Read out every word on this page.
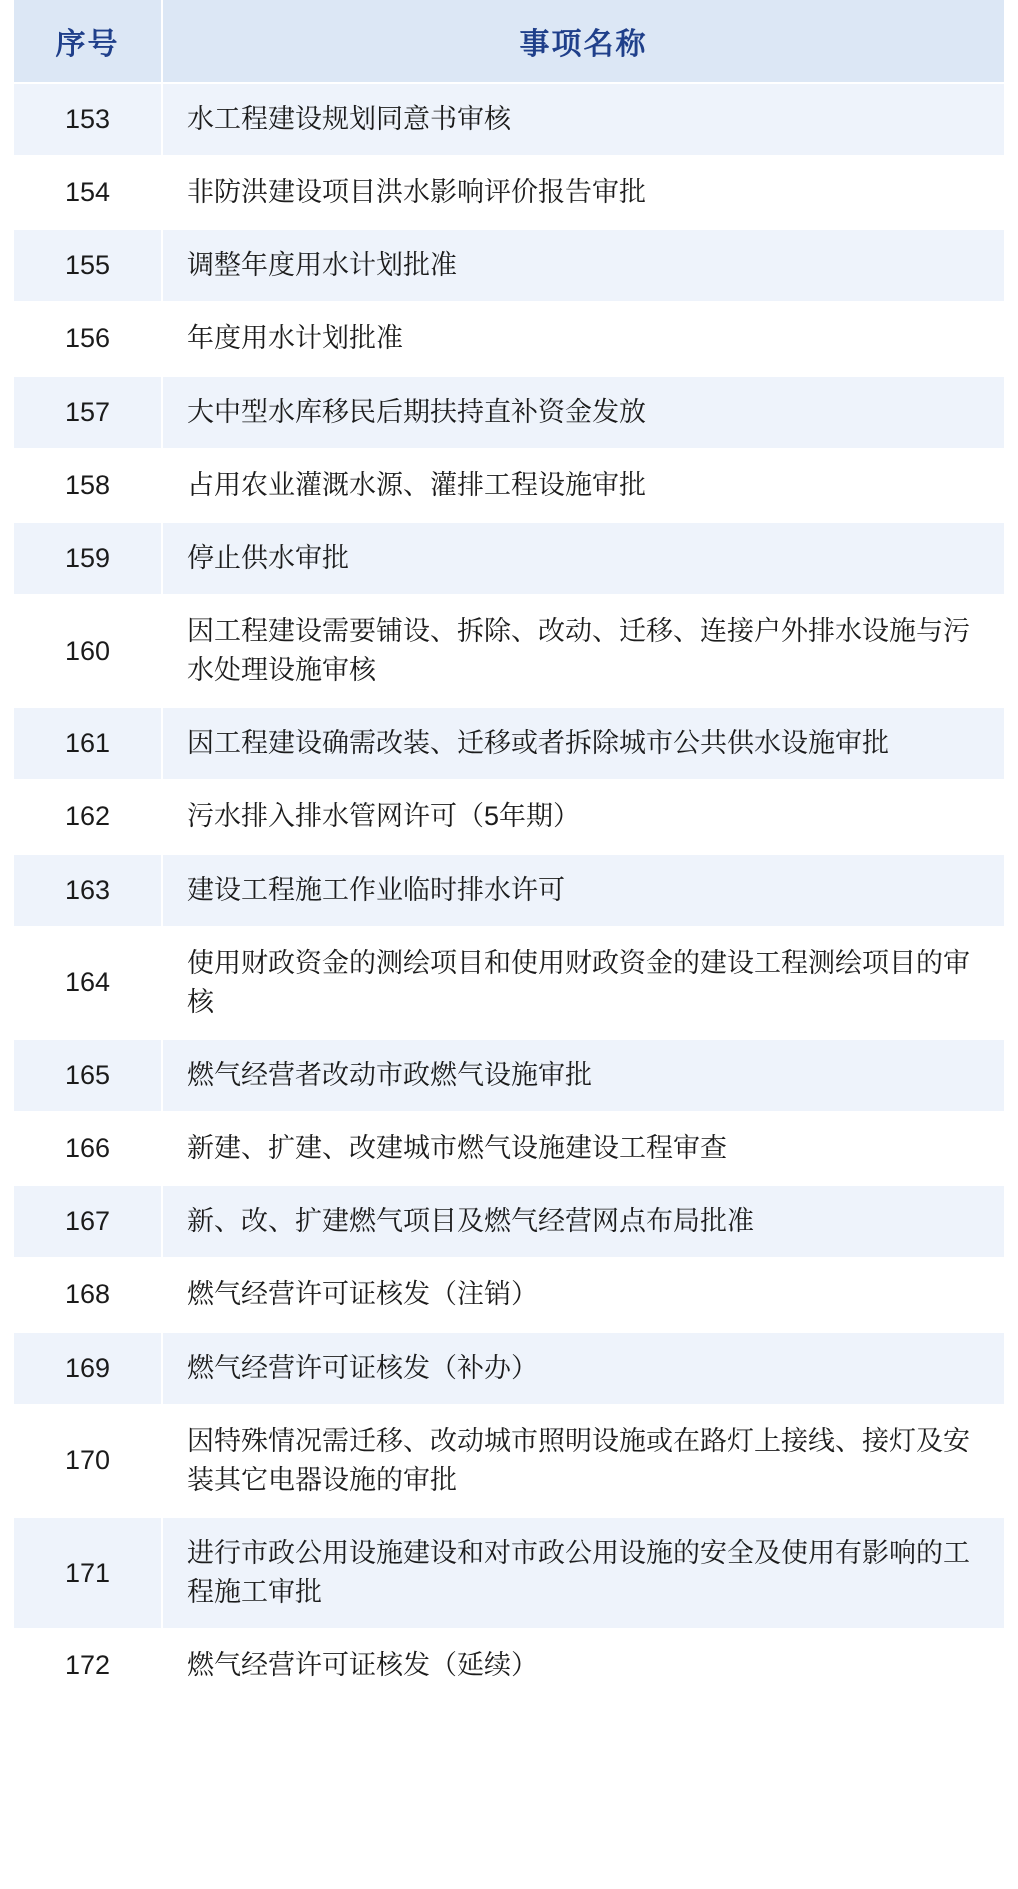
序号	事项名称
153	水工程建设规划同意书审核
154	非防洪建设项目洪水影响评价报告审批
155	调整年度用水计划批准
156	年度用水计划批准
157	大中型水库移民后期扶持直补资金发放
158	占用农业灌溉水源、灌排工程设施审批
159	停止供水审批
160	因工程建设需要铺设、拆除、改动、迁移、连接户外排水设施与污水处理设施审核
161	因工程建设确需改装、迁移或者拆除城市公共供水设施审批
162	污水排入排水管网许可（5年期）
163	建设工程施工作业临时排水许可
164	使用财政资金的测绘项目和使用财政资金的建设工程测绘项目的审核
165	燃气经营者改动市政燃气设施审批
166	新建、扩建、改建城市燃气设施建设工程审查
167	新、改、扩建燃气项目及燃气经营网点布局批准
168	燃气经营许可证核发（注销）
169	燃气经营许可证核发（补办）
170	因特殊情况需迁移、改动城市照明设施或在路灯上接线、接灯及安装其它电器设施的审批
171	进行市政公用设施建设和对市政公用设施的安全及使用有影响的工程施工审批
172	燃气经营许可证核发（延续）
